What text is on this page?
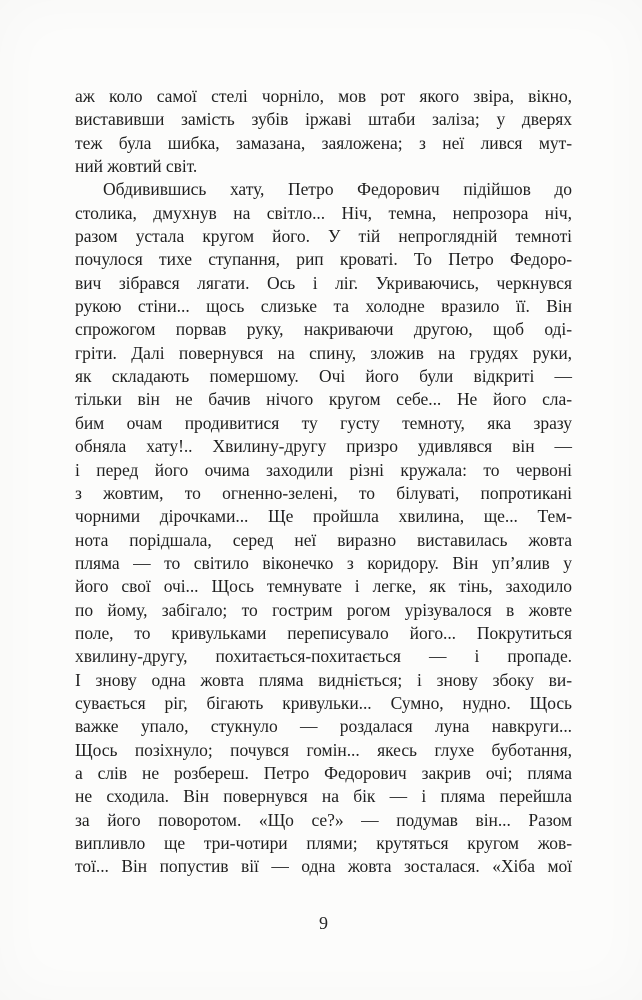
аж коло самої стелі чорніло, мов рот якого звіра, вікно,
виставивши замість зубів іржаві штаби заліза; у дверях
теж була шибка, замазана, заяложена; з неї лився мут-
ний жовтий світ.
Обдивившись хату, Петро Федорович підійшов до
столика, дмухнув на світло... Ніч, темна, непрозора ніч,
разом устала кругом його. У тій непроглядній темноті
почулося тихе ступання, рип кроваті. То Петро Федоро-
вич зібрався лягати. Ось і ліг. Укриваючись, черкнувся
рукою стіни... щось слизьке та холодне вразило її. Він
спрожогом порвав руку, накриваючи другою, щоб оді-
гріти. Далі повернувся на спину, зложив на грудях руки,
як складають помершому. Очі його були відкриті —
тільки він не бачив нічого кругом себе... Не його сла-
бим очам продивитися ту густу темноту, яка зразу
обняла хату!.. Хвилину-другу призро удивлявся він —
і перед його очима заходили різні кружала: то червоні
з жовтим, то огненно-зелені, то білуваті, попротикані
чорними дірочками... Ще пройшла хвилина, ще... Тем-
нота порідшала, серед неї виразно виставилась жовта
пляма — то світило віконечко з коридору. Він уп’ялив у
його свої очі... Щось темнувате і легке, як тінь, заходило
по йому, забігало; то гострим рогом урізувалося в жовте
поле, то кривульками переписувало його... Покрутиться
хвилину-другу, похитається-похитається — і пропаде.
І знову одна жовта пляма видніється; і знову збоку ви-
сувається ріг, бігають кривульки... Сумно, нудно. Щось
важке упало, стукнуло — роздалася луна навкруги...
Щось позіхнуло; почувся гомін... якесь глухе буботання,
а слів не розбереш. Петро Федорович закрив очі; пляма
не сходила. Він повернувся на бік — і пляма перейшла
за його поворотом. «Що се?» — подумав він... Разом
випливло ще три-чотири плями; крутяться кругом жов-
тої... Він попустив вії — одна жовта зосталася. «Хіба мої
9
